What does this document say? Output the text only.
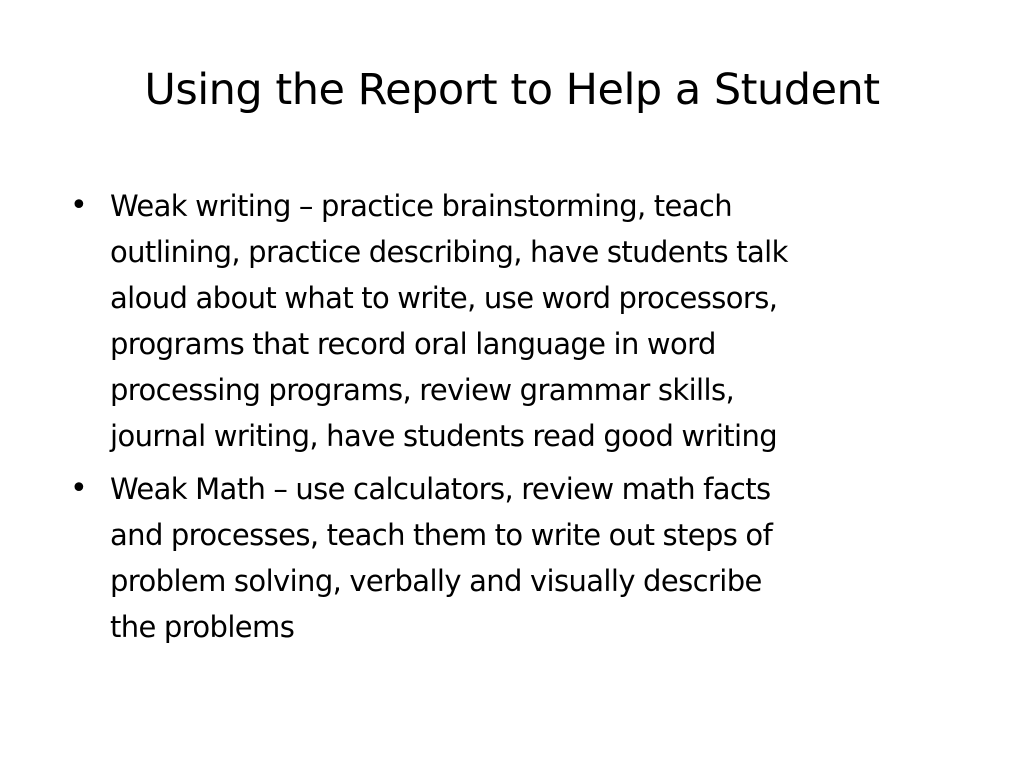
Using the Report to Help a Student
• Weak writing – practice brainstorming, teach
outlining, practice describing, have students talk
aloud about what to write, use word processors,
programs that record oral language in word
processing programs, review grammar skills,
journal writing, have students read good writing
• Weak Math – use calculators, review math facts
and processes, teach them to write out steps of
problem solving, verbally and visually describe
the problems
